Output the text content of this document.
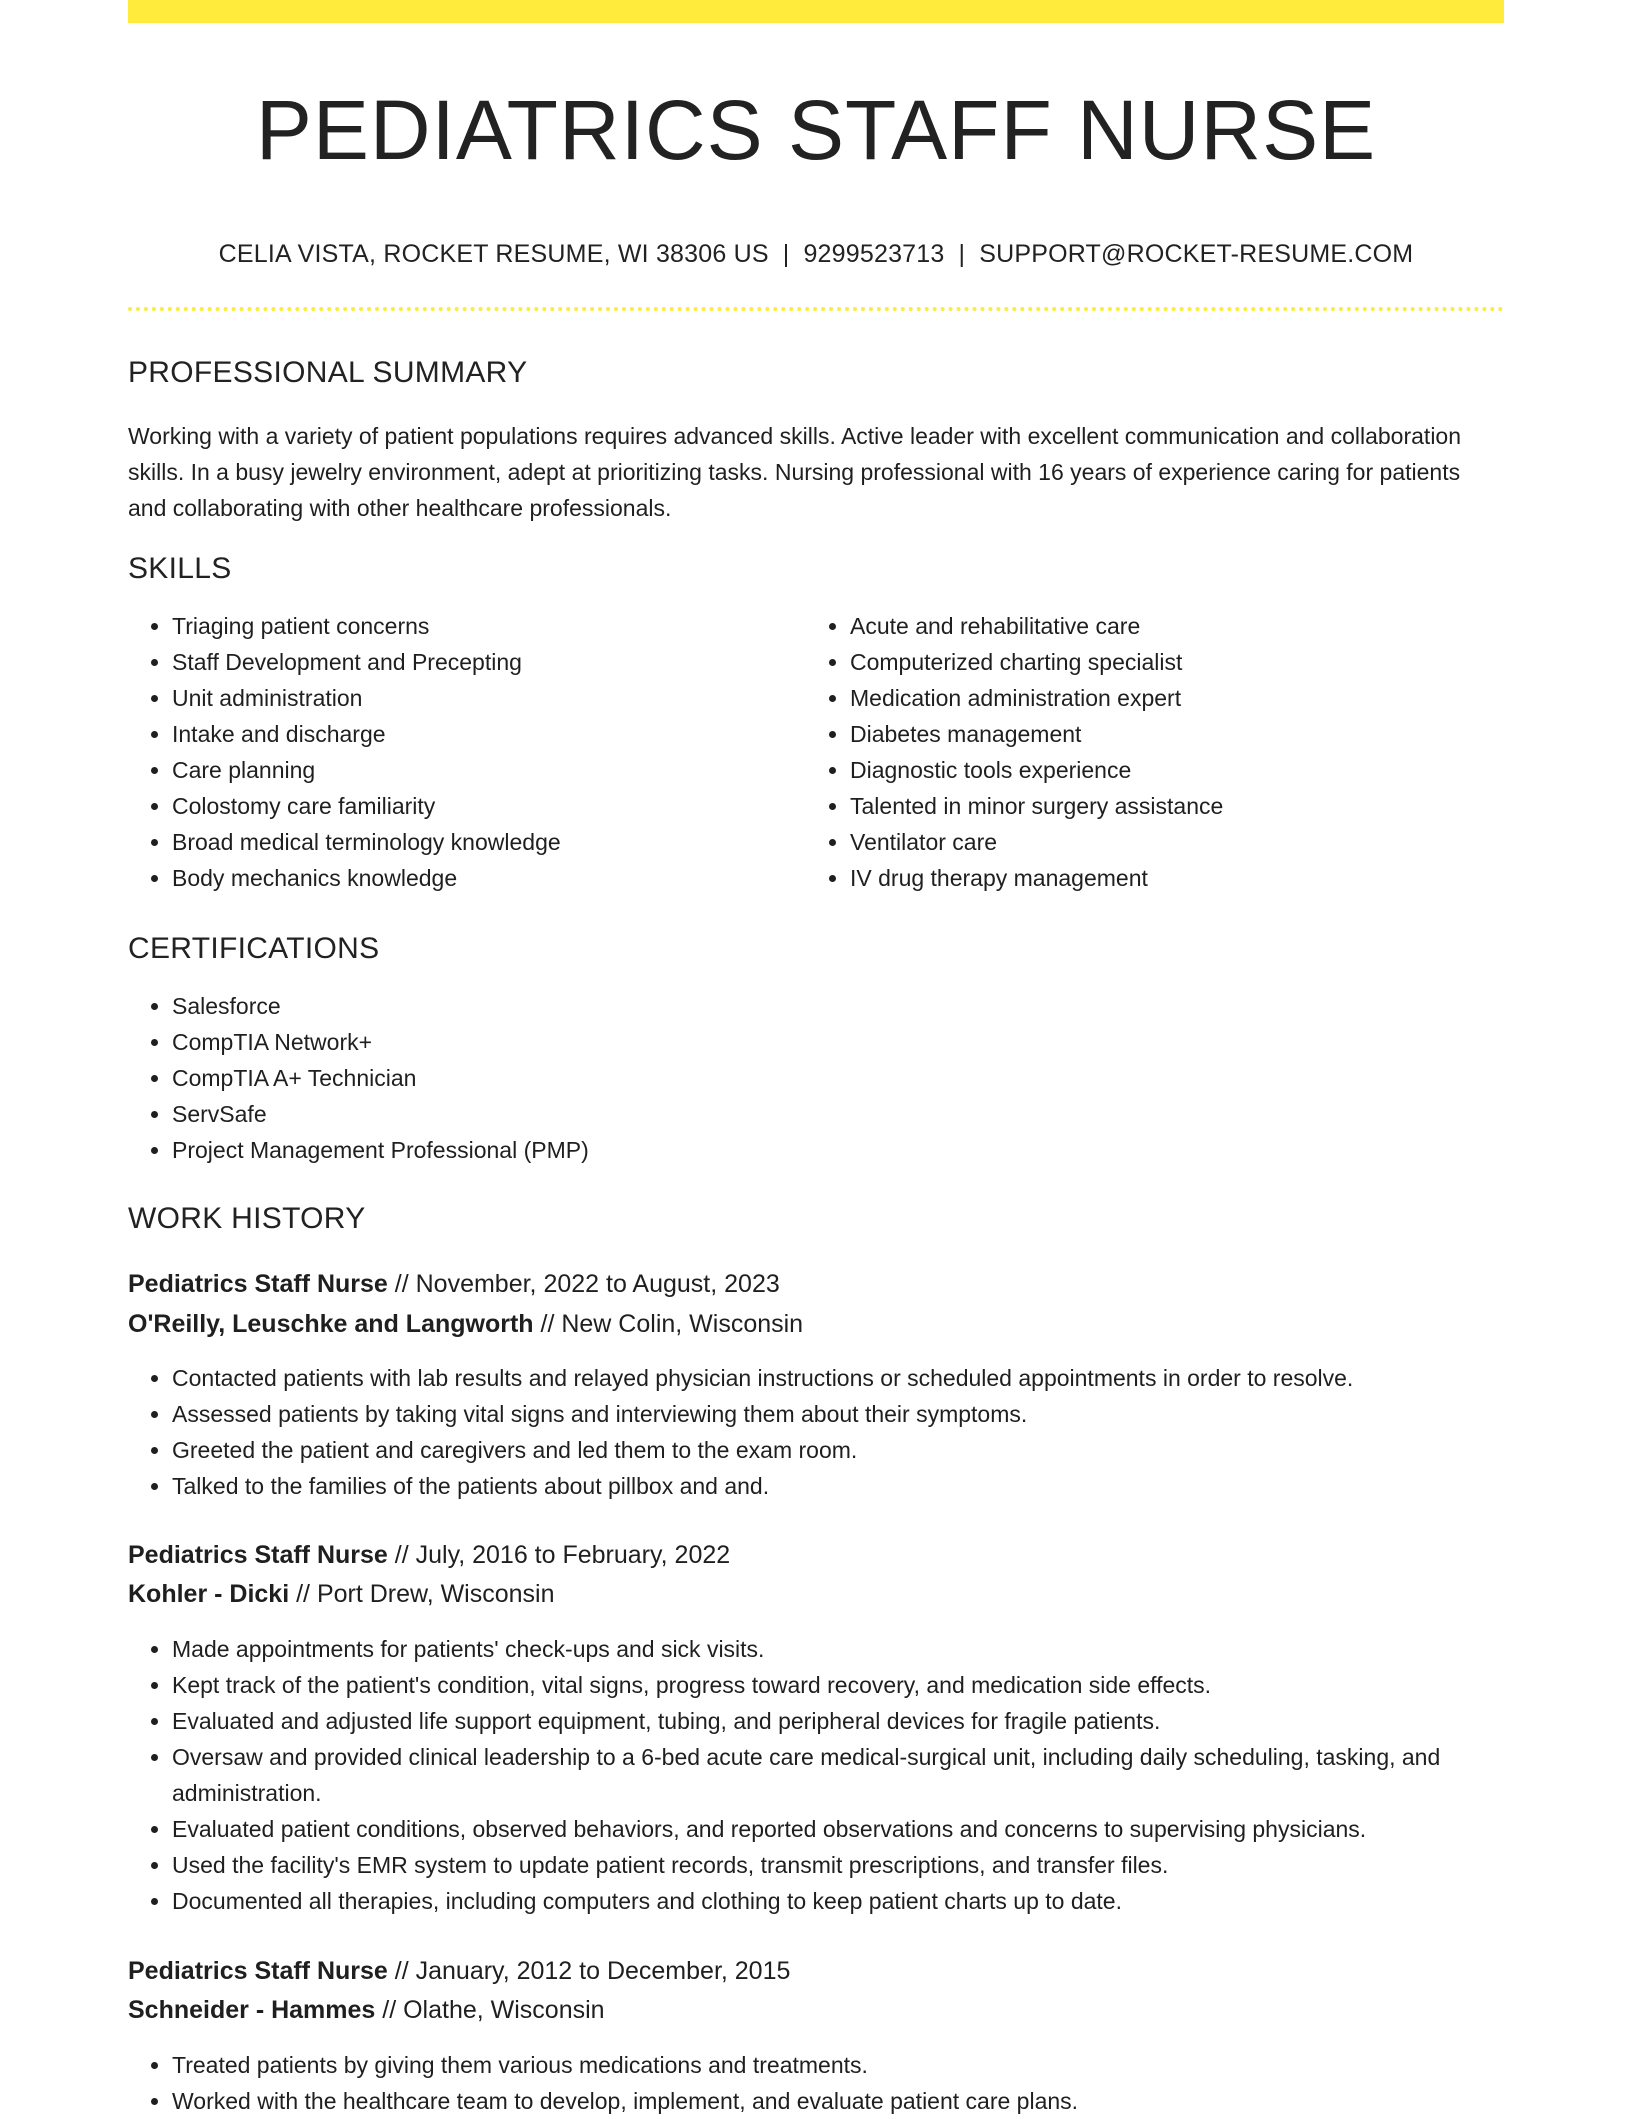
PEDIATRICS STAFF NURSE
CELIA VISTA, ROCKET RESUME, WI 38306 US | 9299523713 | SUPPORT@ROCKET-RESUME.COM
PROFESSIONAL SUMMARY

Working with a variety of patient populations requires advanced skills. Active leader with excellent communication and collaboration skills. In a busy jewelry environment, adept at prioritizing tasks. Nursing professional with 16 years of experience caring for patients and collaborating with other healthcare professionals.

SKILLS
• Triaging patient concerns
• Staff Development and Precepting
• Unit administration
• Intake and discharge
• Care planning
• Colostomy care familiarity
• Broad medical terminology knowledge
• Body mechanics knowledge
• Acute and rehabilitative care
• Computerized charting specialist
• Medication administration expert
• Diabetes management
• Diagnostic tools experience
• Talented in minor surgery assistance
• Ventilator care
• IV drug therapy management
CERTIFICATIONS
• Salesforce
• CompTIA Network+
• CompTIA A+ Technician
• ServSafe
• Project Management Professional (PMP)
WORK HISTORY

Pediatrics Staff Nurse // November, 2022 to August, 2023

O'Reilly, Leuschke and Langworth // New Colin, Wisconsin

• Contacted patients with lab results and relayed physician instructions or scheduled appointments in order to resolve.
• Assessed patients by taking vital signs and interviewing them about their symptoms.
• Greeted the patient and caregivers and led them to the exam room.
• Talked to the families of the patients about pillbox and and.

Pediatrics Staff Nurse // July, 2016 to February, 2022

Kohler - Dicki // Port Drew, Wisconsin

• Made appointments for patients' check-ups and sick visits.
• Kept track of the patient's condition, vital signs, progress toward recovery, and medication side effects.
• Evaluated and adjusted life support equipment, tubing, and peripheral devices for fragile patients.
• Oversaw and provided clinical leadership to a 6-bed acute care medical-surgical unit, including daily scheduling, tasking, and administration.
• Evaluated patient conditions, observed behaviors, and reported observations and concerns to supervising physicians.
• Used the facility's EMR system to update patient records, transmit prescriptions, and transfer files.
• Documented all therapies, including computers and clothing to keep patient charts up to date.

Pediatrics Staff Nurse // January, 2012 to December, 2015

Schneider - Hammes // Olathe, Wisconsin

• Treated patients by giving them various medications and treatments.
• Worked with the healthcare team to develop, implement, and evaluate patient care plans.
